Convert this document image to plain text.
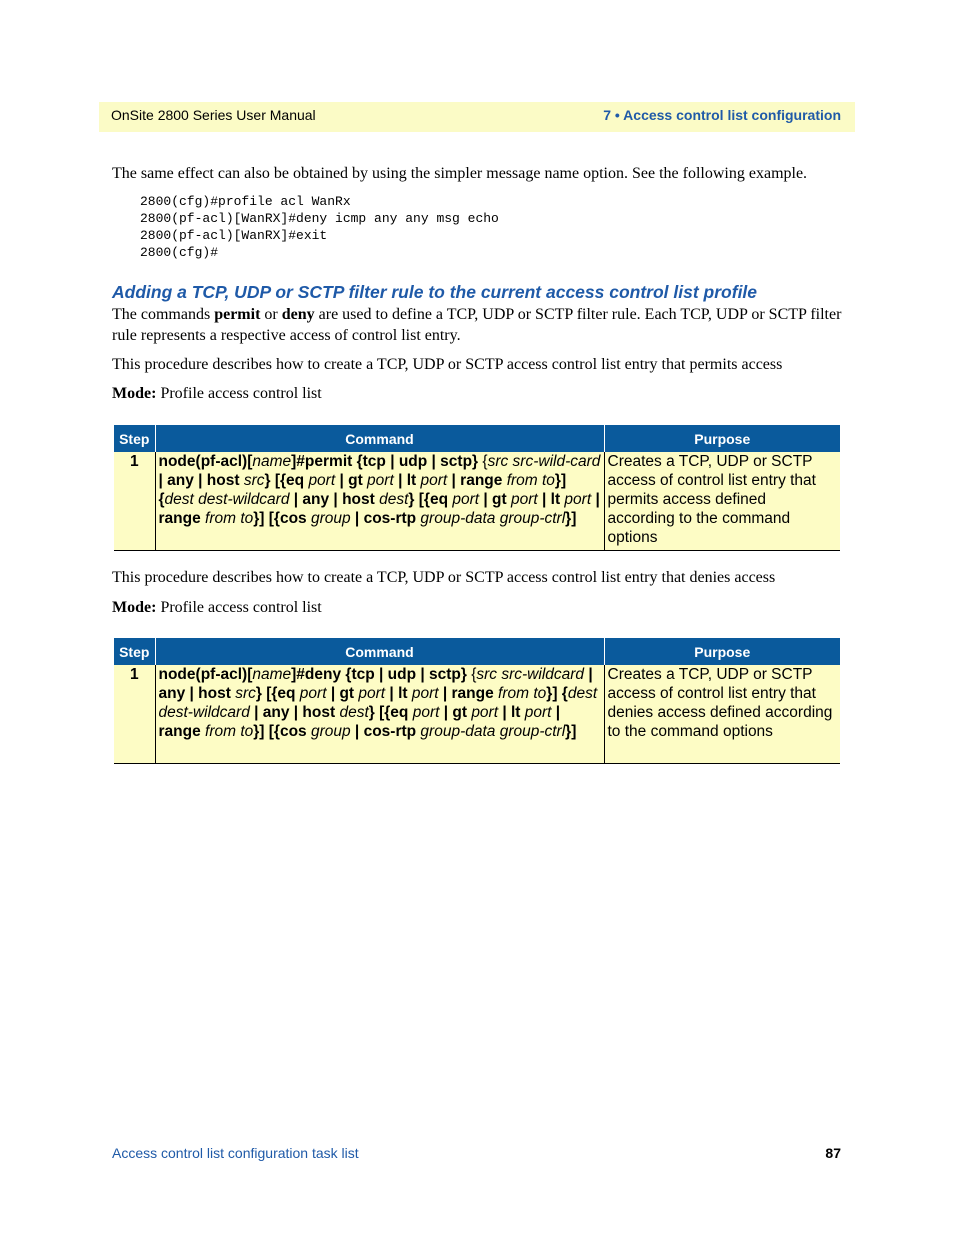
OnSite 2800 Series User Manual	7 • Access control list configuration
The same effect can also be obtained by using the simpler message name option. See the following example.
2800(cfg)#profile acl WanRx
2800(pf-acl)[WanRX]#deny icmp any any msg echo
2800(pf-acl)[WanRX]#exit
2800(cfg)#
Adding a TCP, UDP or SCTP filter rule to the current access control list profile
The commands permit or deny are used to define a TCP, UDP or SCTP filter rule. Each TCP, UDP or SCTP filter rule represents a respective access of control list entry.
This procedure describes how to create a TCP, UDP or SCTP access control list entry that permits access
Mode: Profile access control list
Step	Command	Purpose
1	node(pf-acl)[name]#permit {tcp | udp | sctp} {src src-wild-card | any | host src} [{eq port | gt port | lt port | range from to}] {dest dest-wildcard | any | host dest} [{eq port | gt port | lt port | range from to}] [{cos group | cos-rtp group-data group-ctrl}]	Creates a TCP, UDP or SCTP access of control list entry that permits access defined according to the command options
This procedure describes how to create a TCP, UDP or SCTP access control list entry that denies access
Mode: Profile access control list
Step	Command	Purpose
1	node(pf-acl)[name]#deny {tcp | udp | sctp} {src src-wildcard | any | host src} [{eq port | gt port | lt port | range from to}] {dest dest-wildcard | any | host dest} [{eq port | gt port | lt port | range from to}] [{cos group | cos-rtp group-data group-ctrl}]	Creates a TCP, UDP or SCTP access of control list entry that denies access defined according to the command options
Access control list configuration task list	87
